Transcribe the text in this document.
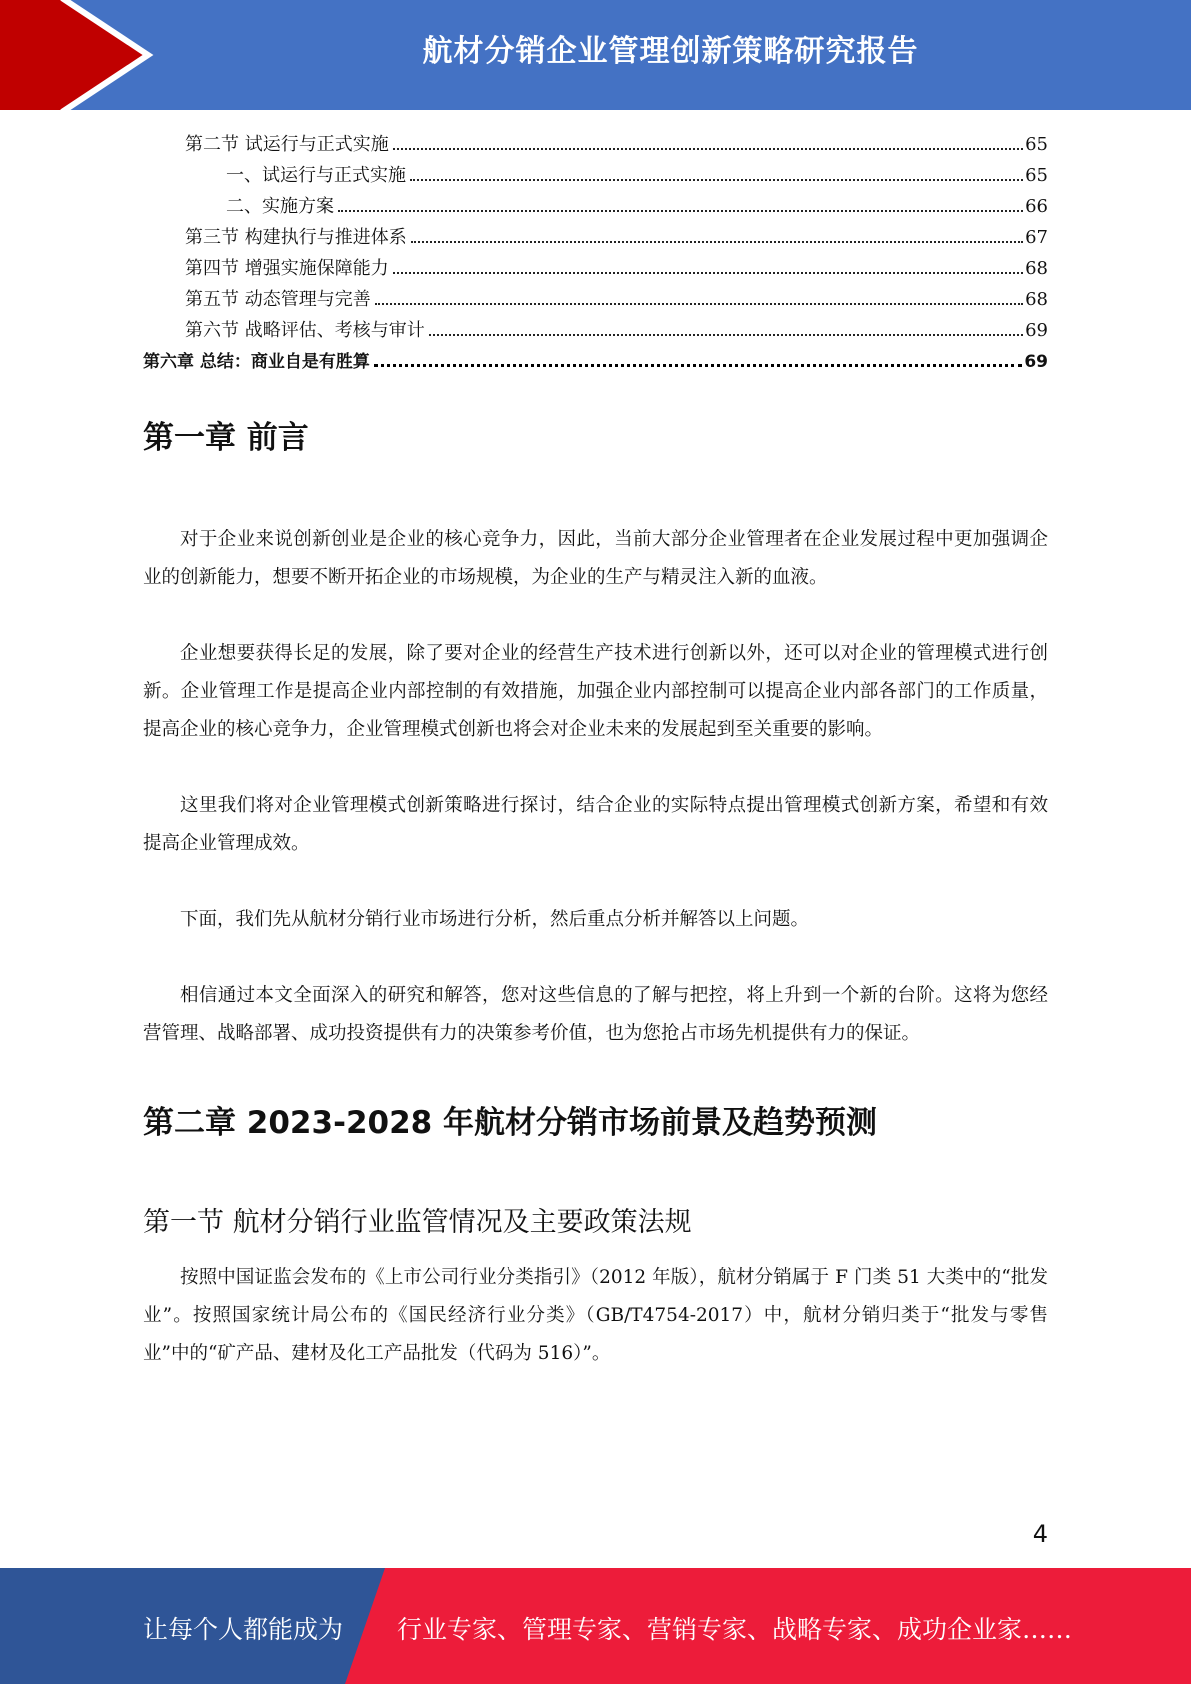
航材分销企业管理创新策略研究报告
第二节 试运行与正式实施	65
一、试运行与正式实施	65
二、实施方案	66
第三节 构建执行与推进体系	67
第四节 增强实施保障能力	68
第五节 动态管理与完善	68
第六节 战略评估、考核与审计	69
第六章 总结：商业自是有胜算	69
第一章 前言

对于企业来说创新创业是企业的核心竞争力，因此，当前大部分企业管理者在企业发展过程中更加强调企业的创新能力，想要不断开拓企业的市场规模，为企业的生产与精灵注入新的血液。

企业想要获得长足的发展，除了要对企业的经营生产技术进行创新以外，还可以对企业的管理模式进行创新。企业管理工作是提高企业内部控制的有效措施，加强企业内部控制可以提高企业内部各部门的工作质量，提高企业的核心竞争力，企业管理模式创新也将会对企业未来的发展起到至关重要的影响。

这里我们将对企业管理模式创新策略进行探讨，结合企业的实际特点提出管理模式创新方案，希望和有效提高企业管理成效。

下面，我们先从航材分销行业市场进行分析，然后重点分析并解答以上问题。

相信通过本文全面深入的研究和解答，您对这些信息的了解与把控，将上升到一个新的台阶。这将为您经营管理、战略部署、成功投资提供有力的决策参考价值，也为您抢占市场先机提供有力的保证。

第二章 2023-2028 年航材分销市场前景及趋势预测
第一节 航材分销行业监管情况及主要政策法规

按照中国证监会发布的《上市公司行业分类指引》（2012 年版），航材分销属于 F 门类 51 大类中的“批发业”。按照国家统计局公布的《国民经济行业分类》（GB/T4754-2017）中，航材分销归类于“批发与零售业”中的“矿产品、建材及化工产品批发（代码为 516）”。

4
让每个人都能成为 行业专家、管理专家、营销专家、战略专家、成功企业家……
